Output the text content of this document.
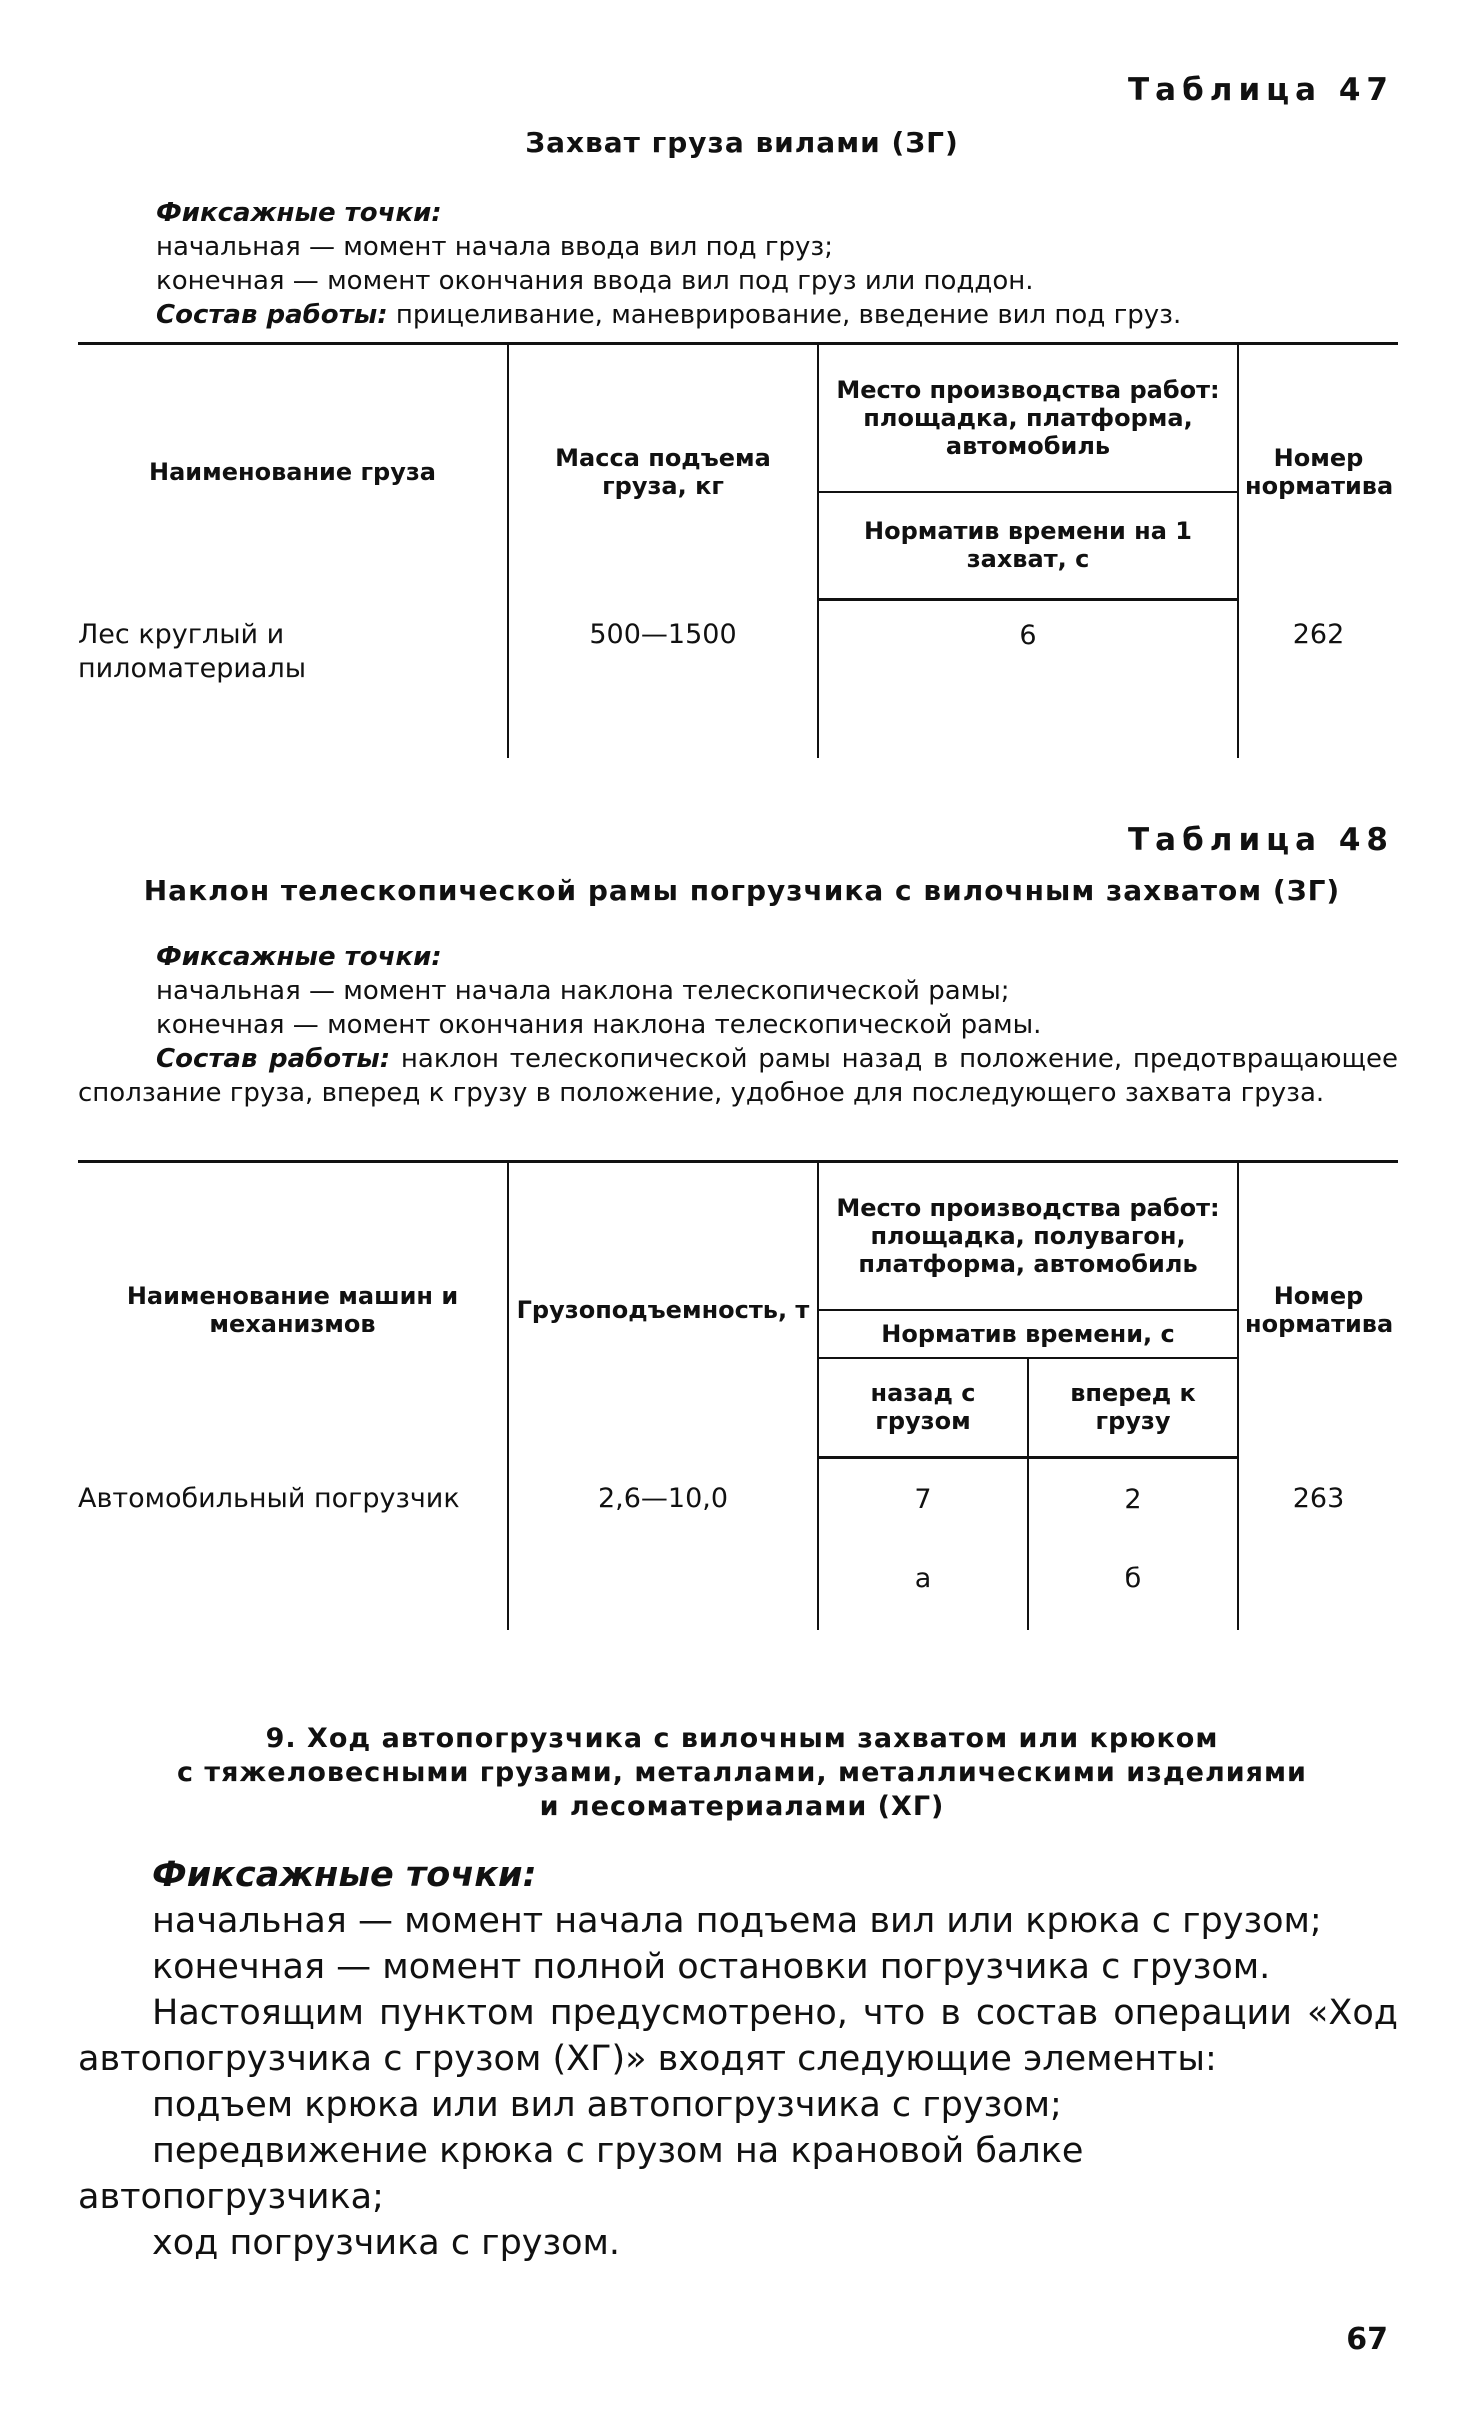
Таблица 47
Захват груза вилами (ЗГ)

Фиксажные точки:

начальная — момент начала ввода вил под груз;

конечная — момент окончания ввода вил под груз или поддон.

Состав работы: прицеливание, маневрирование, введение вил под груз.

Наименование груза	Масса подъема груза, кг	Место производства работ: площадка, платформа, автомобиль	Номер норматива
		Норматив времени на 1 захват, с	
Лес круглый и пиломатериалы	500—1500	6	262
Таблица 48
Наклон телескопической рамы погрузчика с вилочным захватом (ЗГ)

Фиксажные точки:

начальная — момент начала наклона телескопической рамы;

конечная — момент окончания наклона телескопической рамы.

Состав работы: наклон телескопической рамы назад в положение, предотвращающее сползание груза, вперед к грузу в положение, удобное для последующего захвата груза.
Наименование машин и механизмов	Грузоподъемность, т	Место производства работ: площадка, полувагон, платформа, автомобиль		Номер норматива
		Норматив времени, с		
		назад с грузом	вперед к грузу	
Автомобильный погрузчик	2,6—10,0	7	2	263
		а	б	
9. Ход автопогрузчика с вилочным захватом или крюком
с тяжеловесными грузами, металлами, металлическими изделиями
и лесоматериалами (ХГ)

Фиксажные точки:

начальная — момент начала подъема вил или крюка с грузом;

конечная — момент полной остановки погрузчика с грузом.

Настоящим пунктом предусмотрено, что в состав операции «Ход автопогрузчика с грузом (ХГ)» входят следующие элементы:

подъем крюка или вил автопогрузчика с грузом;

передвижение крюка с грузом на крановой балке автопогрузчика;

ход погрузчика с грузом.

67
